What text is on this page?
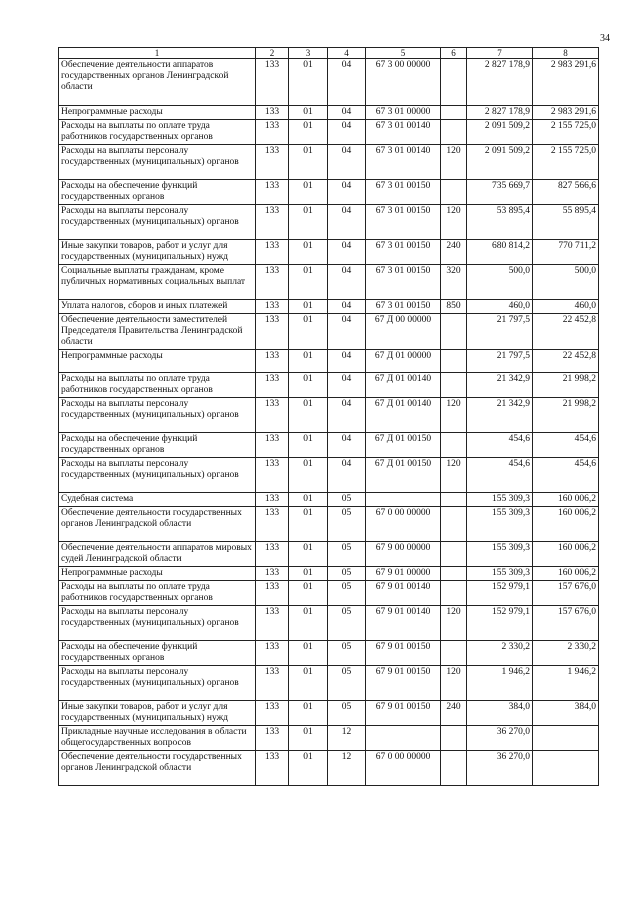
34
1	2	3	4	5	6	7	8
Обеспечение деятельности аппаратов государственных органов Ленинградской области	133	01	04	67 3 00 00000		2 827 178,9	2 983 291,6
Непрограммные расходы	133	01	04	67 3 01 00000		2 827 178,9	2 983 291,6
Расходы на выплаты по оплате труда работников государственных органов	133	01	04	67 3 01 00140		2 091 509,2	2 155 725,0
Расходы на выплаты персоналу государственных (муниципальных) органов	133	01	04	67 3 01 00140	120	2 091 509,2	2 155 725,0
Расходы на обеспечение функций государственных органов	133	01	04	67 3 01 00150		735 669,7	827 566,6
Расходы на выплаты персоналу государственных (муниципальных) органов	133	01	04	67 3 01 00150	120	53 895,4	55 895,4
Иные закупки товаров, работ и услуг для государственных (муниципальных) нужд	133	01	04	67 3 01 00150	240	680 814,2	770 711,2
Социальные выплаты гражданам, кроме публичных нормативных социальных выплат	133	01	04	67 3 01 00150	320	500,0	500,0
Уплата налогов, сборов и иных платежей	133	01	04	67 3 01 00150	850	460,0	460,0
Обеспечение деятельности заместителей Председателя Правительства Ленинградской области	133	01	04	67 Д 00 00000		21 797,5	22 452,8
Непрограммные расходы	133	01	04	67 Д 01 00000		21 797,5	22 452,8
Расходы на выплаты по оплате труда работников государственных органов	133	01	04	67 Д 01 00140		21 342,9	21 998,2
Расходы на выплаты персоналу государственных (муниципальных) органов	133	01	04	67 Д 01 00140	120	21 342,9	21 998,2
Расходы на обеспечение функций государственных органов	133	01	04	67 Д 01 00150		454,6	454,6
Расходы на выплаты персоналу государственных (муниципальных) органов	133	01	04	67 Д 01 00150	120	454,6	454,6
Судебная система	133	01	05			155 309,3	160 006,2
Обеспечение деятельности государственных органов Ленинградской области	133	01	05	67 0 00 00000		155 309,3	160 006,2
Обеспечение деятельности аппаратов мировых судей Ленинградской области	133	01	05	67 9 00 00000		155 309,3	160 006,2
Непрограммные расходы	133	01	05	67 9 01 00000		155 309,3	160 006,2
Расходы на выплаты по оплате труда работников государственных органов	133	01	05	67 9 01 00140		152 979,1	157 676,0
Расходы на выплаты персоналу государственных (муниципальных) органов	133	01	05	67 9 01 00140	120	152 979,1	157 676,0
Расходы на обеспечение функций государственных органов	133	01	05	67 9 01 00150		2 330,2	2 330,2
Расходы на выплаты персоналу государственных (муниципальных) органов	133	01	05	67 9 01 00150	120	1 946,2	1 946,2
Иные закупки товаров, работ и услуг для государственных (муниципальных) нужд	133	01	05	67 9 01 00150	240	384,0	384,0
Прикладные научные исследования в области общегосударственных вопросов	133	01	12			36 270,0	
Обеспечение деятельности государственных органов Ленинградской области	133	01	12	67 0 00 00000		36 270,0	
